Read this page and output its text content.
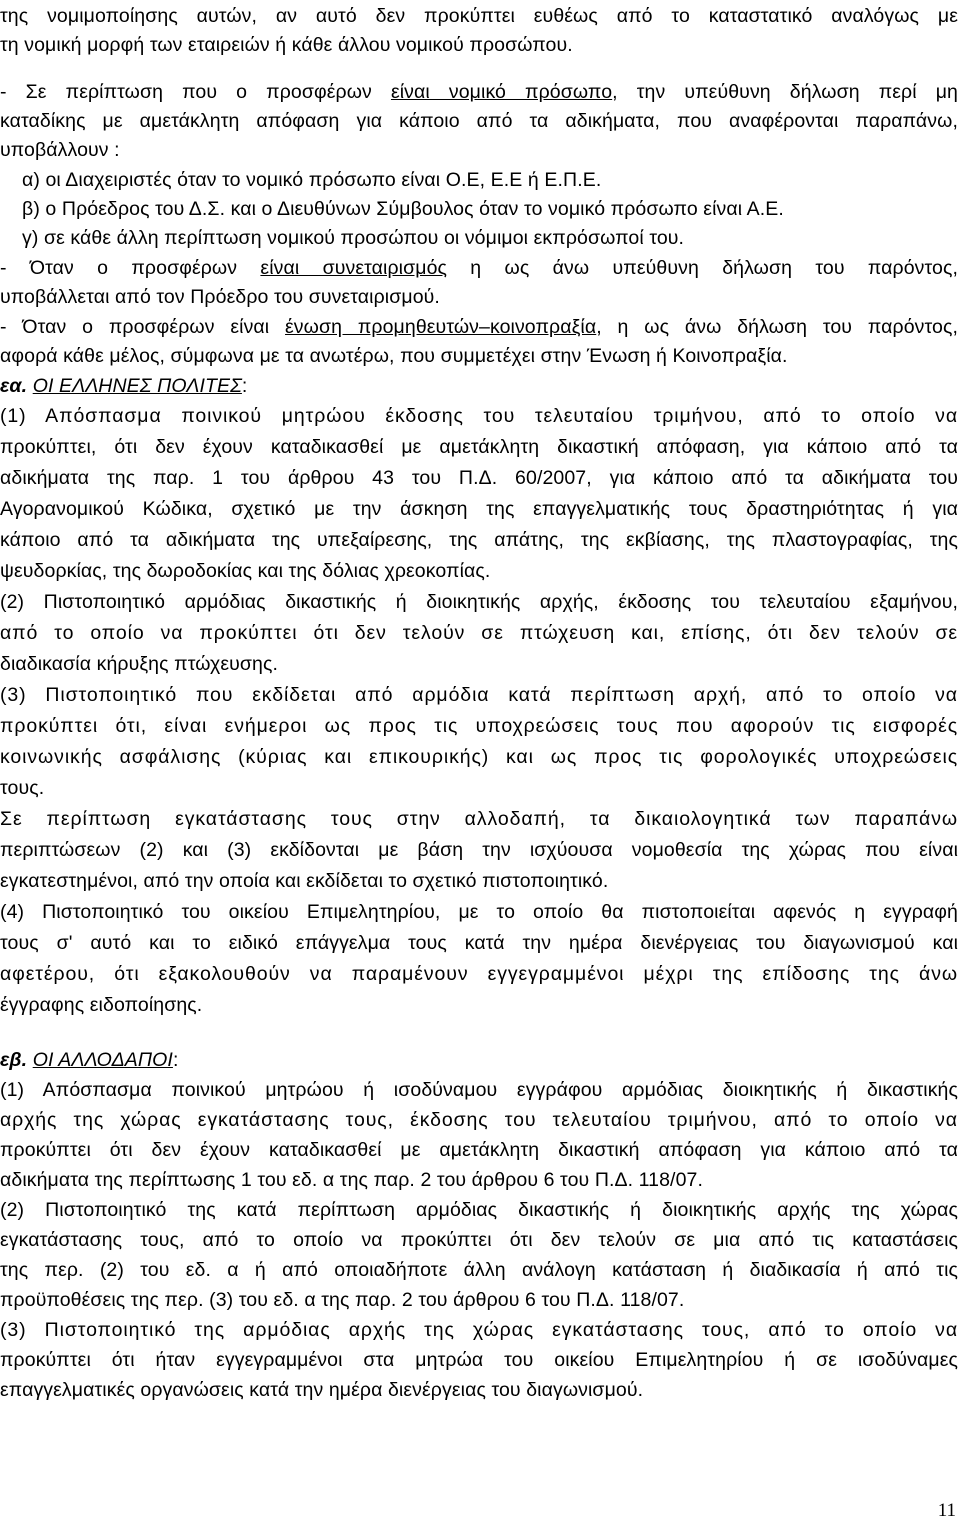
της νομιμοποίησης αυτών, αν αυτό δεν προκύπτει ευθέως από το καταστατικό αναλόγως με
τη νομική μορφή των εταιρειών ή κάθε άλλου νομικού προσώπου.
- Σε περίπτωση που ο προσφέρων είναι νομικό πρόσωπο, την υπεύθυνη δήλωση περί μη
καταδίκης με αμετάκλητη απόφαση για κάποιο από τα αδικήματα, που αναφέρονται παραπάνω,
υποβάλλουν :
α) οι Διαχειριστές όταν το νομικό πρόσωπο είναι Ο.Ε, Ε.Ε ή Ε.Π.Ε.
β) ο Πρόεδρος του Δ.Σ. και ο Διευθύνων Σύμβουλος όταν το νομικό πρόσωπο είναι Α.Ε.
γ) σε κάθε άλλη περίπτωση νομικού προσώπου οι νόμιμοι εκπρόσωποί του.
- Όταν ο προσφέρων είναι συνεταιρισμός η ως άνω υπεύθυνη δήλωση του παρόντος,
υποβάλλεται από τον Πρόεδρο του συνεταιρισμού.
- Όταν ο προσφέρων είναι ένωση προμηθευτών–κοινοπραξία, η ως άνω δήλωση του παρόντος,
αφορά κάθε μέλος, σύμφωνα με τα ανωτέρω, που συμμετέχει στην Ένωση ή Κοινοπραξία.
εα. ΟΙ ΕΛΛΗΝΕΣ ΠΟΛΙΤΕΣ:
(1) Απόσπασμα ποινικού μητρώου έκδοσης του τελευταίου τριμήνου, από το οποίο να
προκύπτει, ότι δεν έχουν καταδικασθεί με αμετάκλητη δικαστική απόφαση, για κάποιο από τα
αδικήματα της παρ. 1 του άρθρου 43 του Π.Δ. 60/2007, για κάποιο από τα αδικήματα του
Αγορανομικού Κώδικα, σχετικό με την άσκηση της επαγγελματικής τους δραστηριότητας ή για
κάποιο από τα αδικήματα της υπεξαίρεσης, της απάτης, της εκβίασης, της πλαστογραφίας, της
ψευδορκίας, της δωροδοκίας και της δόλιας χρεοκοπίας.
(2) Πιστοποιητικό αρμόδιας δικαστικής ή διοικητικής αρχής, έκδοσης του τελευταίου εξαμήνου,
από το οποίο να προκύπτει ότι δεν τελούν σε πτώχευση και, επίσης, ότι δεν τελούν σε
διαδικασία κήρυξης πτώχευσης.
(3) Πιστοποιητικό που εκδίδεται από αρμόδια κατά περίπτωση αρχή, από το οποίο να
προκύπτει ότι, είναι ενήμεροι ως προς τις υποχρεώσεις τους που αφορούν τις εισφορές
κοινωνικής ασφάλισης (κύριας και επικουρικής) και ως προς τις φορολογικές υποχρεώσεις
τους.
Σε περίπτωση εγκατάστασης τους στην αλλοδαπή, τα δικαιολογητικά των παραπάνω
περιπτώσεων (2) και (3) εκδίδονται με βάση την ισχύουσα νομοθεσία της χώρας που είναι
εγκατεστημένοι, από την οποία και εκδίδεται το σχετικό πιστοποιητικό.
(4) Πιστοποιητικό του οικείου Επιμελητηρίου, με το οποίο θα πιστοποιείται αφενός η εγγραφή
τους σ' αυτό και το ειδικό επάγγελμα τους κατά την ημέρα διενέργειας του διαγωνισμού και
αφετέρου, ότι εξακολουθούν να παραμένουν εγγεγραμμένοι μέχρι της επίδοσης της άνω
έγγραφης ειδοποίησης.
εβ. ΟΙ ΑΛΛΟΔΑΠΟΙ:
(1) Απόσπασμα ποινικού μητρώου ή ισοδύναμου εγγράφου αρμόδιας διοικητικής ή δικαστικής
αρχής της χώρας εγκατάστασης τους, έκδοσης του τελευταίου τριμήνου, από το οποίο να
προκύπτει ότι δεν έχουν καταδικασθεί με αμετάκλητη δικαστική απόφαση για κάποιο από τα
αδικήματα της περίπτωσης 1 του εδ. α της παρ. 2 του άρθρου 6 του Π.Δ. 118/07.
(2) Πιστοποιητικό της κατά περίπτωση αρμόδιας δικαστικής ή διοικητικής αρχής της χώρας
εγκατάστασης τους, από το οποίο να προκύπτει ότι δεν τελούν σε μια από τις καταστάσεις
της περ. (2) του εδ. α ή από οποιαδήποτε άλλη ανάλογη κατάσταση ή διαδικασία ή από τις
προϋποθέσεις της περ. (3) του εδ. α της παρ. 2 του άρθρου 6 του Π.Δ. 118/07.
(3) Πιστοποιητικό της αρμόδιας αρχής της χώρας εγκατάστασης τους, από το οποίο να
προκύπτει ότι ήταν εγγεγραμμένοι στα μητρώα του οικείου Επιμελητηρίου ή σε ισοδύναμες
επαγγελματικές οργανώσεις κατά την ημέρα διενέργειας του διαγωνισμού.
11
